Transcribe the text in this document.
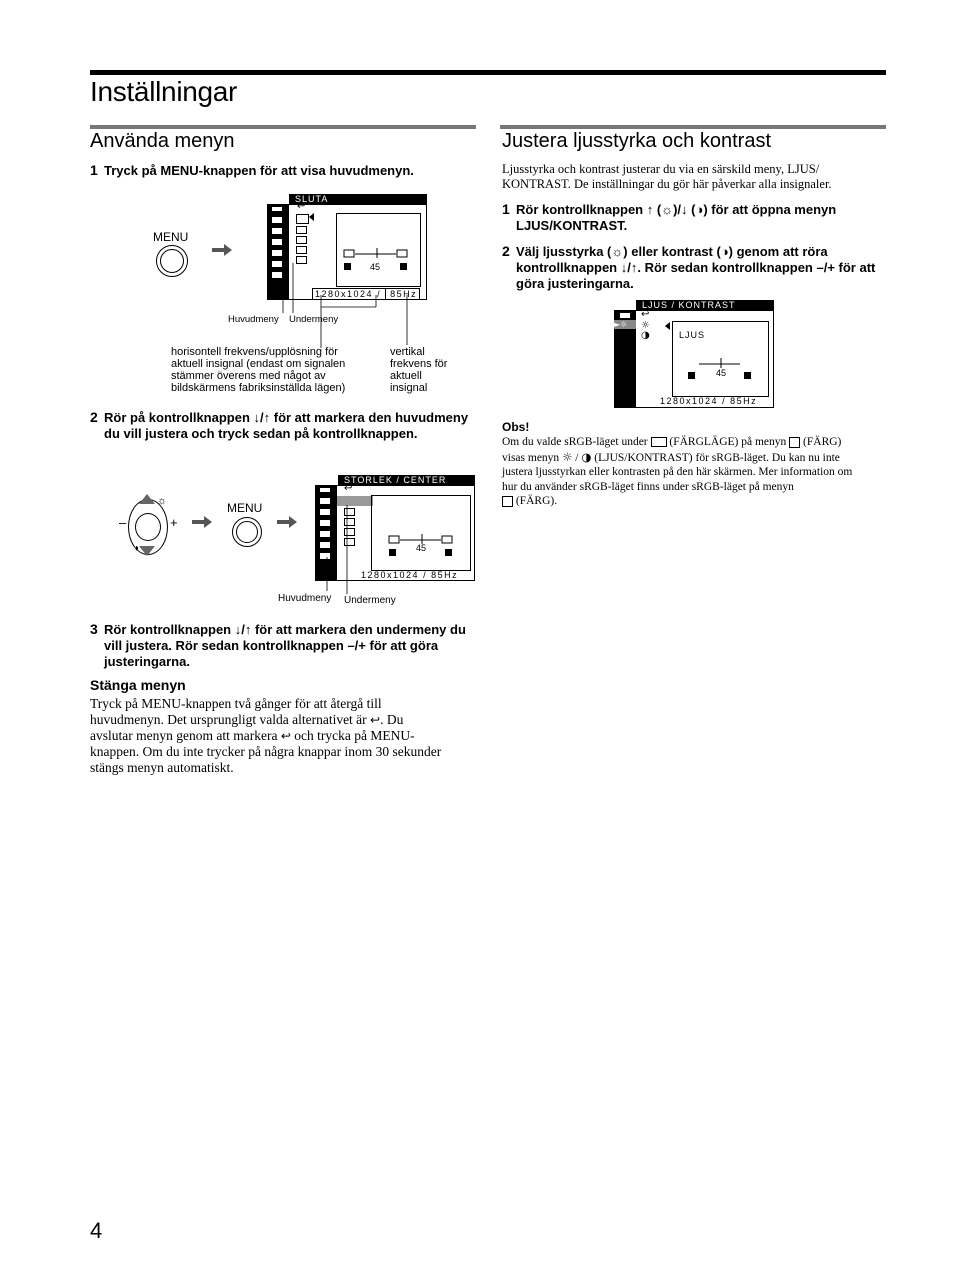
Inställningar
Använda menyn
1 Tryck på MENU-knappen för att visa huvudmenyn.
MENU
SLUTA
↩
45
1280x1024 / 85Hz
Huvudmeny Undermeny
horisontell frekvens/upplösning för aktuell insignal (endast om signalen stämmer överens med något av bildskärmens fabriksinställda lägen)
vertikal frekvens för aktuell insignal
2 Rör på kontrollknappen ↓/↑ för att markera den huvudmeny du vill justera och tryck sedan på kontrollknappen.
☼
◑
–	+
MENU
STORLEK / CENTER
↩
45
1280x1024 / 85Hz
Huvudmeny Undermeny
3 Rör kontrollknappen ↓/↑ för att markera den undermeny du vill justera. Rör sedan kontrollknappen –/+ för att göra justeringarna.
Stänga menyn
Tryck på MENU-knappen två gånger för att återgå till
huvudmenyn. Det ursprungligt valda alternativet är ↩. Du
avslutar menyn genom att markera ↩ och trycka på MENU-
knappen. Om du inte trycker på några knappar inom 30 sekunder
stängs menyn automatiskt.
Justera ljusstyrka och kontrast
Ljusstyrka och kontrast justerar du via en särskild meny, LJUS/ KONTRAST. De inställningar du gör här påverkar alla insignaler.
1 Rör kontrollknappen ↑ (☼)/↓ (◑) för att öppna menyn LJUS/KONTRAST.
2 Välj ljusstyrka (☼) eller kontrast (◑) genom att röra kontrollknappen ↓/↑. Rör sedan kontrollknappen –/+ för att göra justeringarna.
LJUS / KONTRAST
►☼
↩
☼
◑	LJUS
45
1280x1024 / 85Hz
Obs!
Om du valde sRGB-läget under (FÄRGLÄGE) på menyn (FÄRG)
visas menyn ☼ / ◑ (LJUS/KONTRAST) för sRGB-läget. Du kan nu inte
justera ljusstyrkan eller kontrasten på den här skärmen. Mer information om
hur du använder sRGB-läget finns under sRGB-läget på menyn
(FÄRG).
4
